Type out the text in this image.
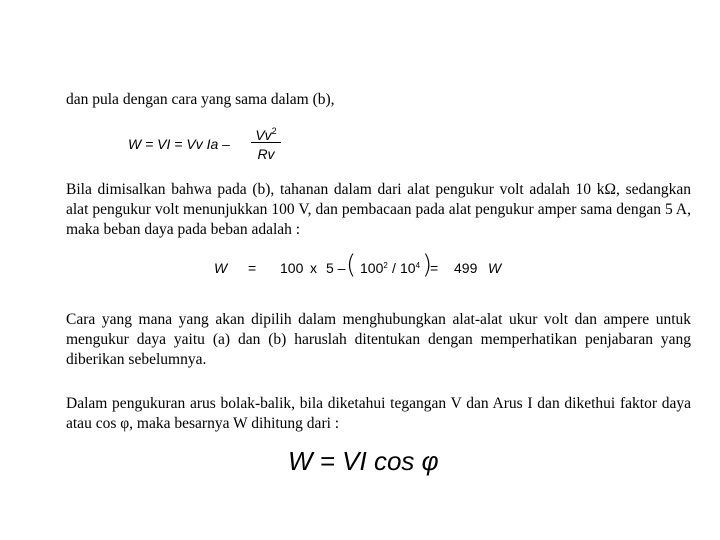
dan pula dengan cara yang sama dalam (b),

W = VI = Vv Ia –
Vv$^2$
Rv

Bila dimisalkan bahwa pada (b), tahanan dalam dari alat pengukur volt adalah 10 kΩ, sedangkan alat pengukur volt menunjukkan 100 V, dan pembacaan pada alat pengukur amper sama dengan 5 A, maka beban daya pada beban adalah :

W = 100 x 5 – ( $100^2 / 10^4$ )
= 499 W

Cara yang mana yang akan dipilih dalam menghubungkan alat-alat ukur volt dan ampere untuk mengukur daya yaitu (a) dan (b) haruslah ditentukan dengan memperhatikan penjabaran yang diberikan sebelumnya.

Dalam pengukuran arus bolak-balik, bila diketahui tegangan V dan Arus I dan dikethui faktor daya atau cos φ, maka besarnya W dihitung dari :

W = VI cos φ
